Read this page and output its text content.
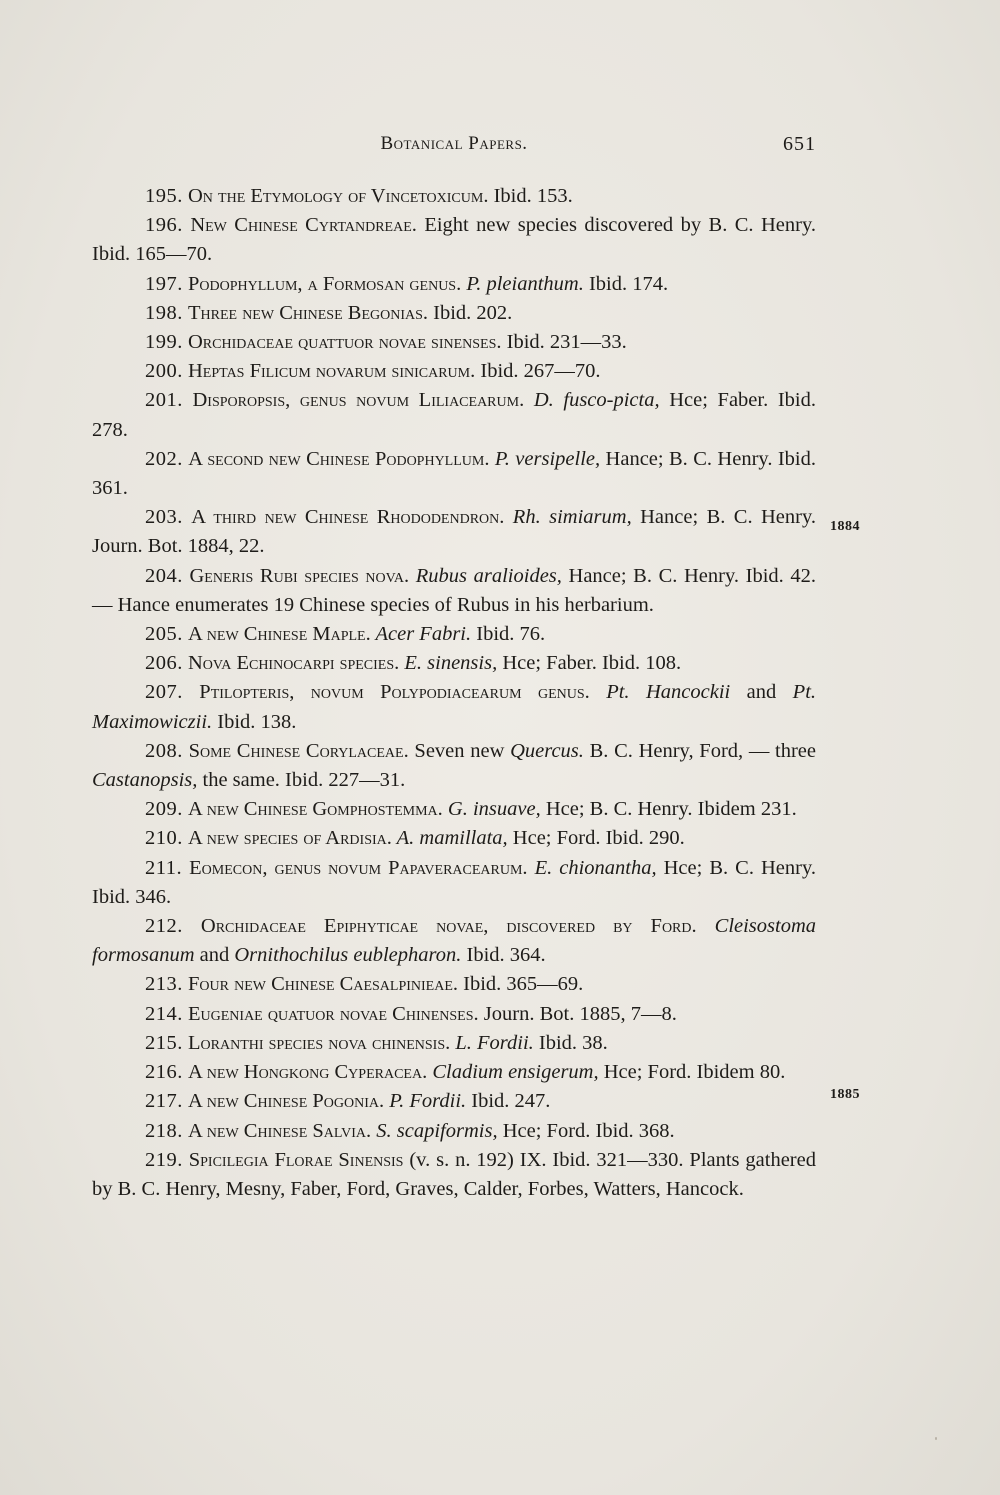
Botanical Papers.	651
1884
1885

195. On the Etymology of Vincetoxicum. Ibid. 153.

196. New Chinese Cyrtandreae. Eight new species discovered by B. C. Henry. Ibid. 165—70.

197. Podophyllum, a Formosan genus. P. pleianthum. Ibid. 174.

198. Three new Chinese Begonias. Ibid. 202.

199. Orchidaceae quattuor novae sinenses. Ibid. 231—33.

200. Heptas Filicum novarum sinicarum. Ibid. 267—70.

201. Disporopsis, genus novum Liliacearum. D. fusco-picta, Hce; Faber. Ibid. 278.

202. A second new Chinese Podophyllum. P. versipelle, Hance; B. C. Henry. Ibid. 361.

203. A third new Chinese Rhododendron. Rh. simiarum, Hance; B. C. Henry. Journ. Bot. 1884, 22.

204. Generis Rubi species nova. Rubus aralioides, Hance; B. C. Henry. Ibid. 42. — Hance enumerates 19 Chinese species of Rubus in his herbarium.

205. A new Chinese Maple. Acer Fabri. Ibid. 76.

206. Nova Echinocarpi species. E. sinensis, Hce; Faber. Ibid. 108.

207. Ptilopteris, novum Polypodiacearum genus. Pt. Hancockii and Pt. Maximowiczii. Ibid. 138.

208. Some Chinese Corylaceae. Seven new Quercus. B. C. Henry, Ford, — three Castanopsis, the same. Ibid. 227—31.

209. A new Chinese Gomphostemma. G. insuave, Hce; B. C. Henry. Ibidem 231.

210. A new species of Ardisia. A. mamillata, Hce; Ford. Ibid. 290.

211. Eomecon, genus novum Papaveracearum. E. chionantha, Hce; B. C. Henry. Ibid. 346.

212. Orchidaceae Epiphyticae novae, discovered by Ford. Cleisostoma formosanum and Ornithochilus eublepharon. Ibid. 364.

213. Four new Chinese Caesalpinieae. Ibid. 365—69.

214. Eugeniae quatuor novae Chinenses. Journ. Bot. 1885, 7—8.

215. Loranthi species nova chinensis. L. Fordii. Ibid. 38.

216. A new Hongkong Cyperacea. Cladium ensigerum, Hce; Ford. Ibidem 80.

217. A new Chinese Pogonia. P. Fordii. Ibid. 247.

218. A new Chinese Salvia. S. scapiformis, Hce; Ford. Ibid. 368.

219. Spicilegia Florae Sinensis (v. s. n. 192) IX. Ibid. 321—330. Plants gathered by B. C. Henry, Mesny, Faber, Ford, Graves, Calder, Forbes, Watters, Hancock.
